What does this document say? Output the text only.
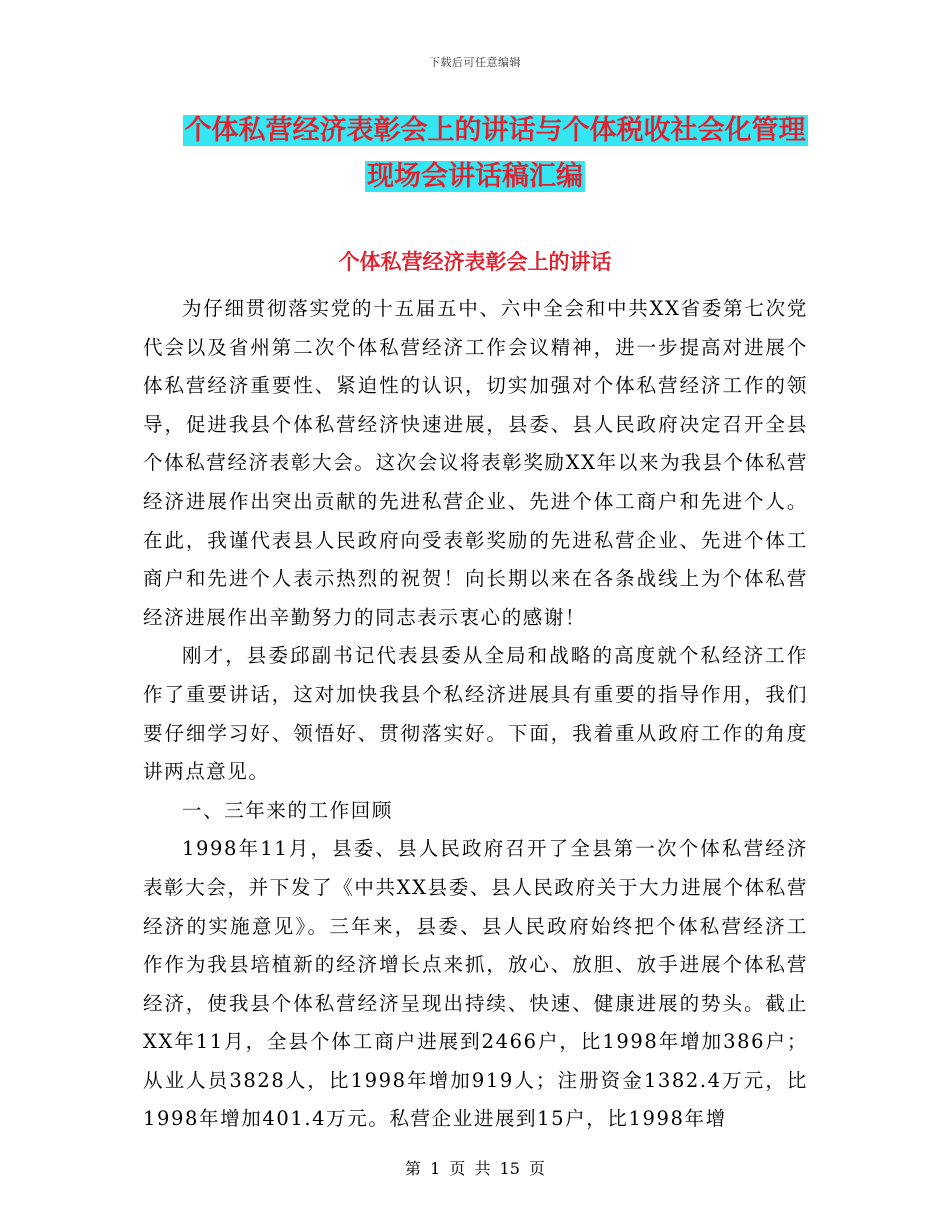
下载后可任意编辑
个体私营经济表彰会上的讲话与个体税收社会化管理
现场会讲话稿汇编
个体私营经济表彰会上的讲话

为仔细贯彻落实党的十五届五中、六中全会和中共XX省委第七次党代会以及省州第二次个体私营经济工作会议精神，进一步提高对进展个体私营经济重要性、紧迫性的认识，切实加强对个体私营经济工作的领导，促进我县个体私营经济快速进展，县委、县人民政府决定召开全县个体私营经济表彰大会。这次会议将表彰奖励XX年以来为我县个体私营经济进展作出突出贡献的先进私营企业、先进个体工商户和先进个人。在此，我谨代表县人民政府向受表彰奖励的先进私营企业、先进个体工商户和先进个人表示热烈的祝贺！向长期以来在各条战线上为个体私营经济进展作出辛勤努力的同志表示衷心的感谢！

刚才，县委邱副书记代表县委从全局和战略的高度就个私经济工作作了重要讲话，这对加快我县个私经济进展具有重要的指导作用，我们要仔细学习好、领悟好、贯彻落实好。下面，我着重从政府工作的角度讲两点意见。

一、三年来的工作回顾

1998年11月，县委、县人民政府召开了全县第一次个体私营经济表彰大会，并下发了《中共XX县委、县人民政府关于大力进展个体私营经济的实施意见》。三年来，县委、县人民政府始终把个体私营经济工作作为我县培植新的经济增长点来抓，放心、放胆、放手进展个体私营经济，使我县个体私营经济呈现出持续、快速、健康进展的势头。截止XX年11月，全县个体工商户进展到2466户，比1998年增加386户；从业人员3828人，比1998年增加919人；注册资金1382.4万元，比1998年增加401.4万元。私营企业进展到15户，比1998年增

第 1 页 共 15 页
